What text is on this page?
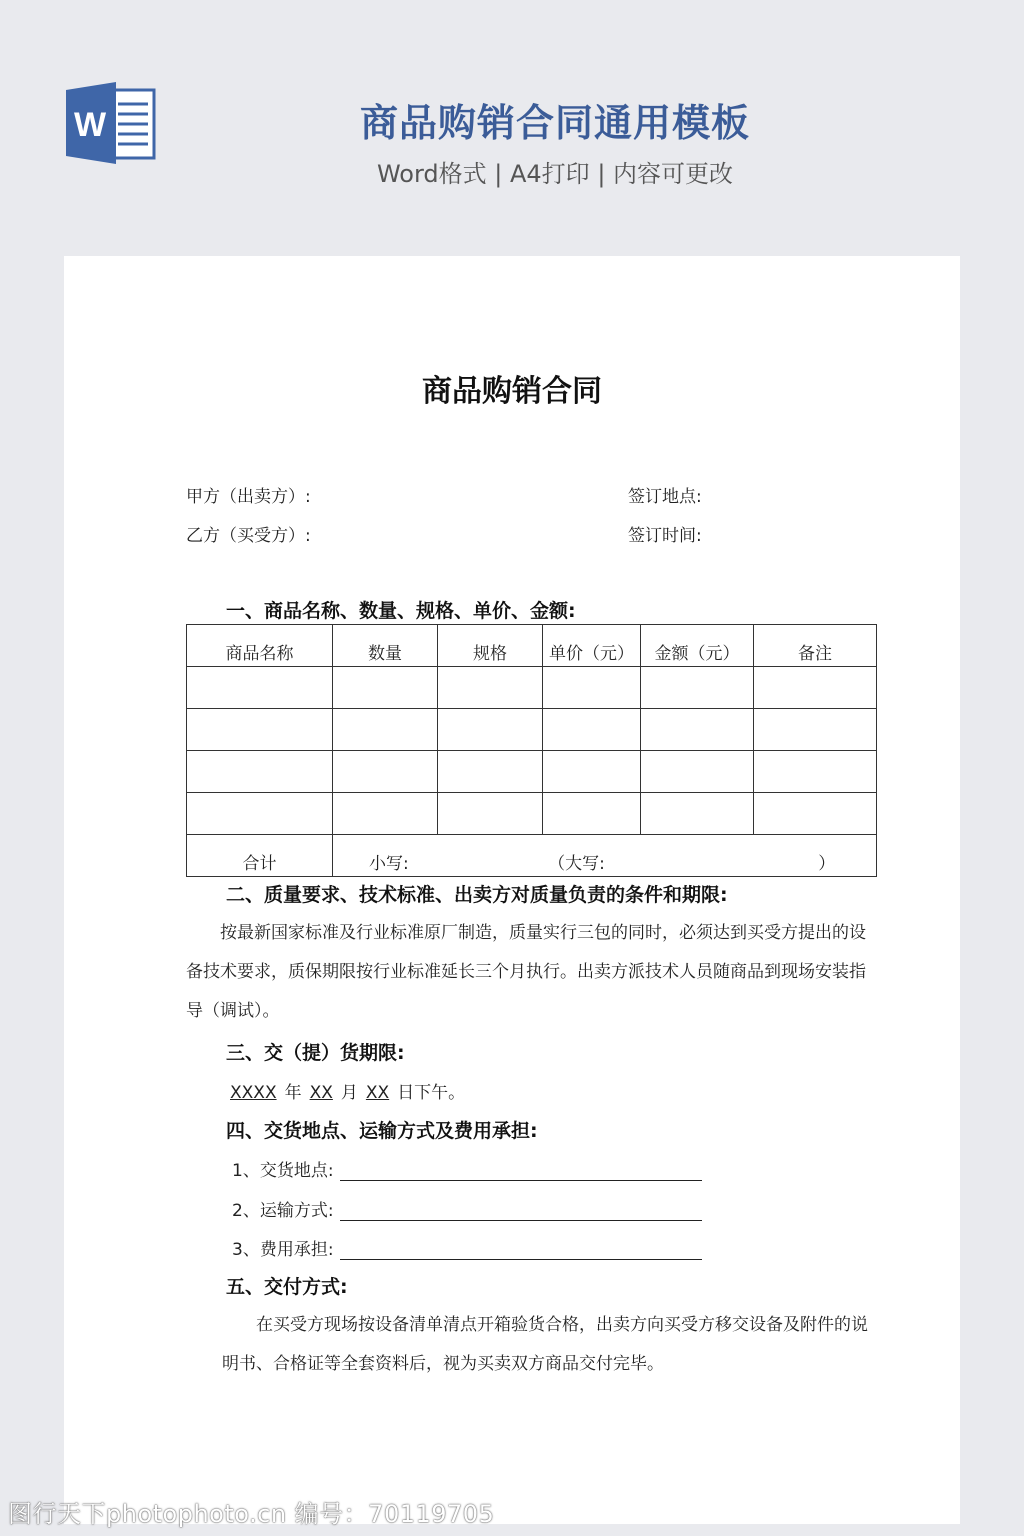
W	商品购销合同通用模板
Word格式 | A4打印 | 内容可更改
商品购销合同
甲方（出卖方）:	签订地点:
乙方（买受方）:	签订时间:
一、商品名称、数量、规格、单价、金额:
商品名称	数量	规格	单价（元）	金额（元）	备注

合计	小写: （大写: ）				
二、质量要求、技术标准、出卖方对质量负责的条件和期限:
按最新国家标准及行业标准原厂制造，质量实行三包的同时，必须达到买受方提出的设备技术要求，质保期限按行业标准延长三个月执行。出卖方派技术人员随商品到现场安装指导（调试）。
三、交（提）货期限:
XXXX 年 XX 月 XX 日下午。
四、交货地点、运输方式及费用承担:
1、交货地点:
2、运输方式:
3、费用承担:
五、交付方式:
在买受方现场按设备清单清点开箱验货合格，出卖方向买受方移交设备及附件的说明书、合格证等全套资料后，视为买卖双方商品交付完毕。
图行天下photophoto.cn 编号：70119705
